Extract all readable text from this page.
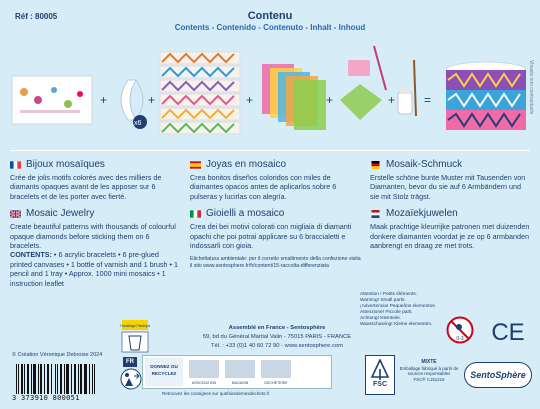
Réf : 80005	Contenu
Contents - Contenido - Contenuto - Inhalt - Inhoud
+
x6
+	+	+	+ =	Visuels non contractuels
Bijoux mosaïques
Crée de jolis motifs colorés avec des milliers de diamants opaques avant de les apposer sur 6 bracelets et de les porter avec fierté.
Mosaic Jewelry
Create beautiful patterns with thousands of colourful opaque diamonds before sticking them on 6 bracelets.
CONTENTS: • 6 acrylic bracelets • 6 pre-glued printed canvases • 1 bottle of varnish and 1 brush • 1 pencil and 1 tray • Approx. 1000 mini mosaics • 1 instruction leaflet
Joyas en mosaico
Crea bonitos diseños coloridos con miles de diamantes opacos antes de aplicarlos sobre 6 pulseras y lucirlas con alegría.
Gioielli a mosaico
Crea dei bei motivi colorati con migliaia di diamanti opachi che poi potrai applicare su 6 braccialetti e indossarli con gioia.
Etichettatura ambientale: per il corretto smaltimento della confezione visita il sito www.sentosphere.fr/fr/content/15-raccolta-differenziata
Mosaik-Schmuck
Erstelle schöne bunte Muster mit Tausenden von Diamanten, bevor du sie auf 6 Armbändern und sie mit Stolz trägst.
Mozaïekjuwelen
Maak prachtige kleurrijke patronen met duizenden donkere diamanten voordat je ze op 6 armbanden aanbrengt en draag ze met trots.
Attention ! Petits éléments.
Warning! Small parts.
¡Advertencia! Pequeños elementos.
Attenzione! Piccole parti.
Achtung! Kleinteile.
Waarschuwing! Kleine elementen.
0-3 CE
Assemblé en France - Sentosphère
59, bd du Général Martial Valin - 75015 PARIS - FRANCE
Tél. : +33 (0)1 40 60 72 90 - www.sentosphere.com
Emballage Plastique
© Création Véronique Debroise 2024
3 373910 800051
FR
DONNEZ OU
RECYCLEZ
ASSOCIATION	MAGASIN	DÉCHÈTERIE
Retrouvez les consignes sur quefairedemesdechets.fr
FSC
MIXTE
Emballage fabriqué à partir de sources responsables
FSC® C151216	SentoSphère
